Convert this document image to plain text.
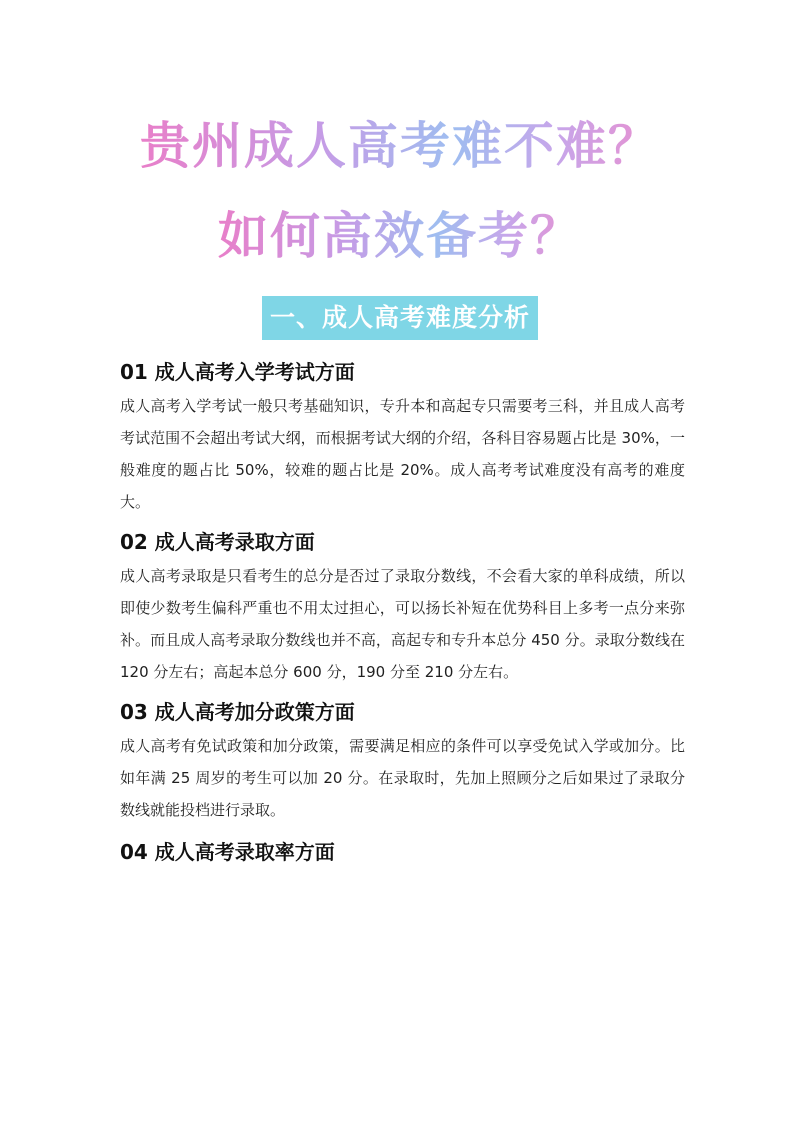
贵州成人高考难不难？
如何高效备考？
一、成人高考难度分析
01 成人高考入学考试方面

成人高考入学考试一般只考基础知识，专升本和高起专只需要考三科，并且成人高考考试范围不会超出考试大纲，而根据考试大纲的介绍，各科目容易题占比是 30%，一般难度的题占比 50%，较难的题占比是 20%。成人高考考试难度没有高考的难度大。

02 成人高考录取方面

成人高考录取是只看考生的总分是否过了录取分数线，不会看大家的单科成绩，所以即使少数考生偏科严重也不用太过担心，可以扬长补短在优势科目上多考一点分来弥补。而且成人高考录取分数线也并不高，高起专和专升本总分 450 分。录取分数线在 120 分左右；高起本总分 600 分，190 分至 210 分左右。

03 成人高考加分政策方面

成人高考有免试政策和加分政策，需要满足相应的条件可以享受免试入学或加分。比如年满 25 周岁的考生可以加 20 分。在录取时，先加上照顾分之后如果过了录取分数线就能投档进行录取。

04 成人高考录取率方面
